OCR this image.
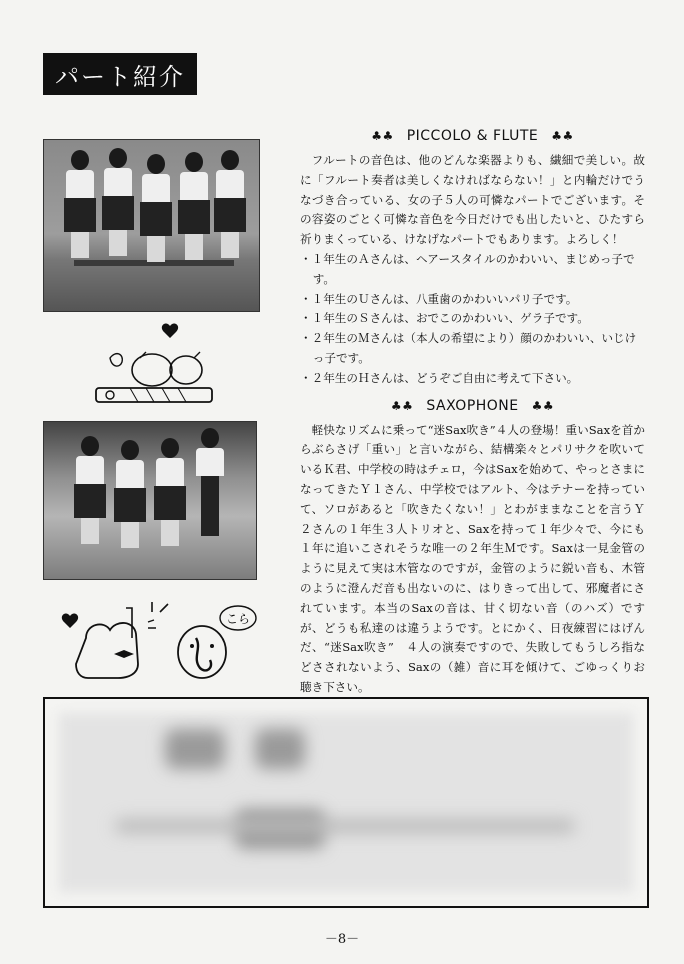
パート紹介
こら
♣♣ PICCOLO & FLUTE ♣♣

フルートの音色は、他のどんな楽器よりも、繊細で美しい。故に「フルート奏者は美しくなければならない！」と内輪だけでうなづき合っている、女の子５人の可憐なパートでございます。その容姿のごとく可憐な音色を今日だけでも出したいと、ひたすら祈りまくっている、けなげなパートでもあります。よろしく！

・１年生のＡさんは、ヘアースタイルのかわいい、まじめっ子です。
・１年生のＵさんは、八重歯のかわいいパリ子です。
・１年生のＳさんは、おでこのかわいい、ゲラ子です。
・２年生のＭさんは（本人の希望により）顔のかわいい、いじけっ子です。
・２年生のＨさんは、どうぞご自由に考えて下さい。
♣♣ SAXOPHONE ♣♣

軽快なリズムに乗って“迷Sax吹き”４人の登場！重いSaxを首からぶらさげ「重い」と言いながら、結構楽々とパリサクを吹いているＫ君、中学校の時はチェロ，今はSaxを始めて、やっとさまになってきたＹ１さん、中学校ではアルト、今はテナーを持っていて、ソロがあると「吹きたくない！」とわがままなことを言うＹ２さんの１年生３人トリオと、Saxを持って１年少々で、今にも１年に追いこされそうな唯一の２年生Ｍです。Saxは一見金管のように見えて実は木管なのですが，金管のように鋭い音も、木管のように澄んだ音も出ないのに、はりきって出して、邪魔者にされています。本当のSaxの音は、甘く切ない音（のハズ）ですが、どうも私達のは違うようです。とにかく、日夜練習にはげんだ、“迷Sax吹き”　４人の演奏ですので、失敗してもうしろ指などさされないよう、Saxの（雑）音に耳を傾けて、ごゆっくりお聴き下さい。

－8－
